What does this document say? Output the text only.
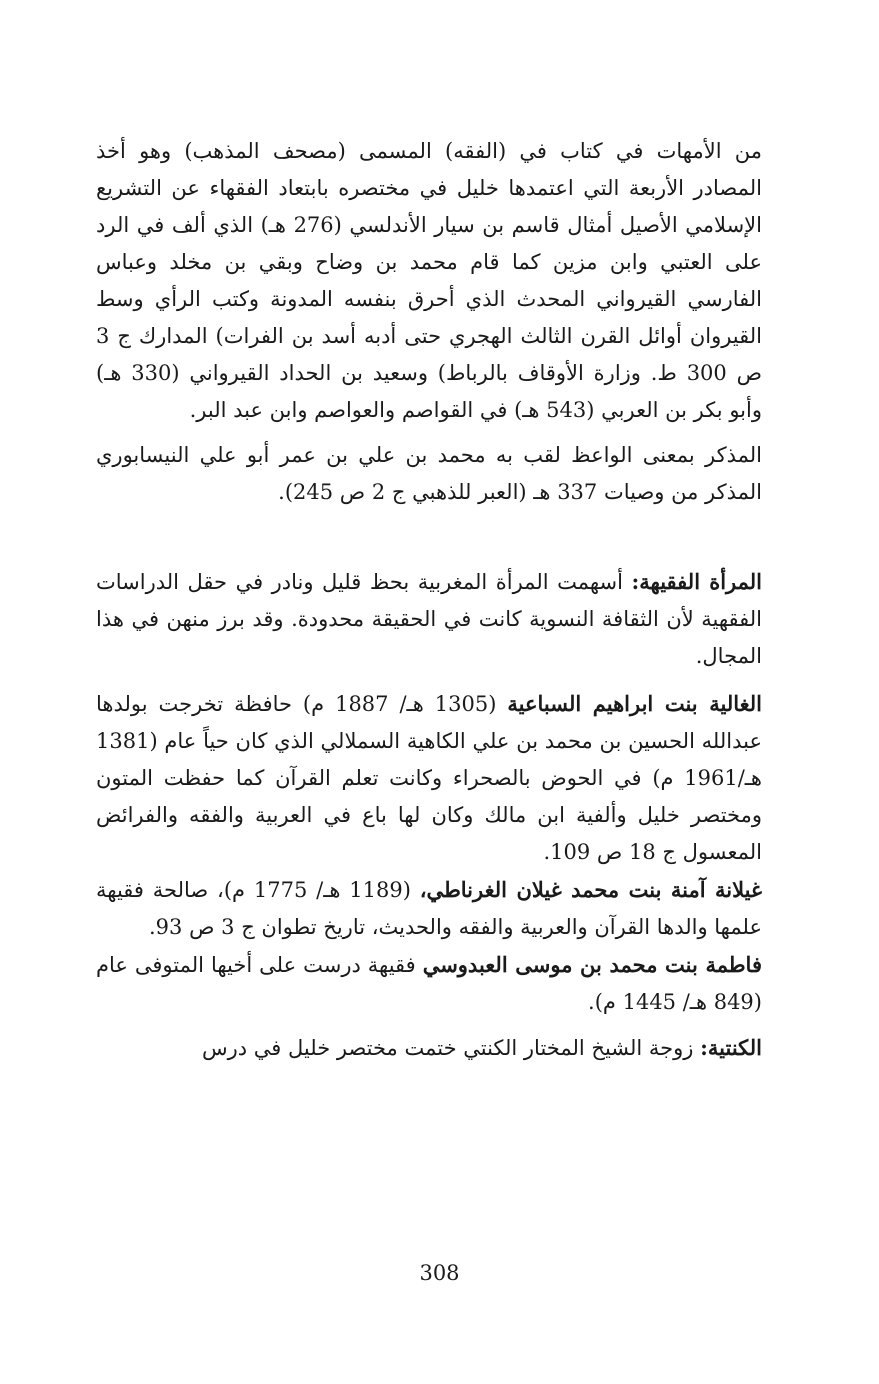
من الأمهات في كتاب في (الفقه) المسمى (مصحف المذهب) وهو أخذ المصادر الأربعة التي اعتمدها خليل في مختصره بابتعاد الفقهاء عن التشريع الإسلامي الأصيل أمثال قاسم بن سيار الأندلسي (276 هـ) الذي ألف في الرد على العتبي وابن مزين كما قام محمد بن وضاح وبقي بن مخلد وعباس الفارسي القيرواني المحدث الذي أحرق بنفسه المدونة وكتب الرأي وسط القيروان أوائل القرن الثالث الهجري حتى أدبه أسد بن الفرات) المدارك ج 3 ص 300 ط. وزارة الأوقاف بالرباط) وسعيد بن الحداد القيرواني (330 هـ) وأبو بكر بن العربي (543 هـ) في القواصم والعواصم وابن عبد البر.

المذكر بمعنى الواعظ لقب به محمد بن علي بن عمر أبو علي النيسابوري المذكر من وصيات 337 هـ (العبر للذهبي ج 2 ص 245).

المرأة الفقيهة: أسهمت المرأة المغربية بحظ قليل ونادر في حقل الدراسات الفقهية لأن الثقافة النسوية كانت في الحقيقة محدودة. وقد برز منهن في هذا المجال.

الغالية بنت ابراهيم السباعية (1305 هـ/ 1887 م) حافظة تخرجت بولدها عبدالله الحسين بن محمد بن علي الكاهية السملالي الذي كان حياً عام (1381 هـ/1961 م) في الحوض بالصحراء وكانت تعلم القرآن كما حفظت المتون ومختصر خليل وألفية ابن مالك وكان لها باع في العربية والفقه والفرائض المعسول ج 18 ص 109.

غيلانة آمنة بنت محمد غيلان الغرناطي، (1189 هـ/ 1775 م)، صالحة فقيهة علمها والدها القرآن والعربية والفقه والحديث، تاريخ تطوان ج 3 ص 93.

فاطمة بنت محمد بن موسى العبدوسي فقيهة درست على أخيها المتوفى عام (849 هـ/ 1445 م).

الكنتية: زوجة الشيخ المختار الكنتي ختمت مختصر خليل في درس

308
